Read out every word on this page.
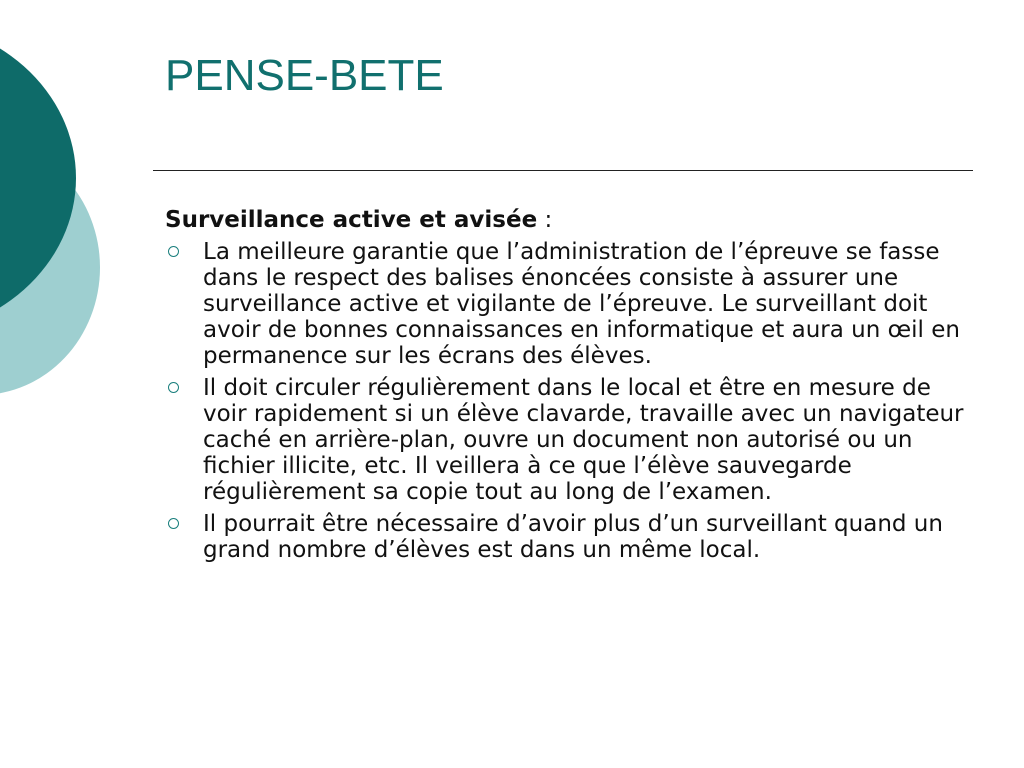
PENSE-BETE

Surveillance active et avisée :

La meilleure garantie que l’administration de l’épreuve se fasse dans le respect des balises énoncées consiste à assurer une surveillance active et vigilante de l’épreuve. Le surveillant doit avoir de bonnes connaissances en informatique et aura un œil en permanence sur les écrans des élèves.
Il doit circuler régulièrement dans le local et être en mesure de voir rapidement si un élève clavarde, travaille avec un navigateur caché en arrière-plan, ouvre un document non autorisé ou un fichier illicite, etc. Il veillera à ce que l’élève sauvegarde régulièrement sa copie tout au long de l’examen.
Il pourrait être nécessaire d’avoir plus d’un surveillant quand un grand nombre d’élèves est dans un même local.
